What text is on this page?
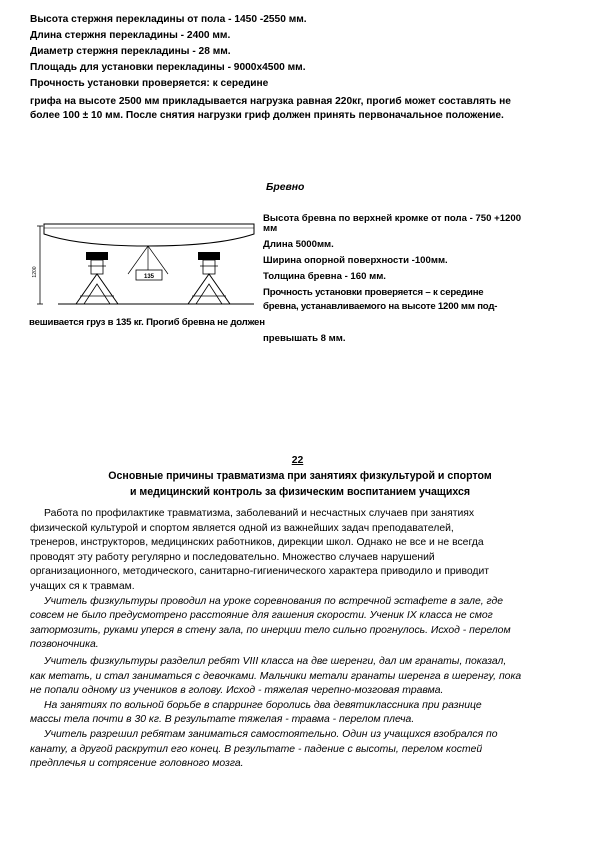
Высота стержня перекладины от пола - 1450 -2550 мм.
Длина стержня перекладины - 2400 мм.
Диаметр стержня перекладины - 28 мм.
Площадь для установки перекладины - 9000х4500 мм.
Прочность установки проверяется: к середине
грифа на высоте 2500 мм прикладывается нагрузка равная 220кг, прогиб может составлять не
более 100 ± 10 мм. После снятия нагрузки гриф должен принять первоначальное положение.
Бревно
1200	135
Высота бревна по верхней кромке от пола - 750 +1200
мм
Длина 5000мм.
Ширина опорной поверхности -100мм.
Толщина бревна - 160 мм.
Прочность установки проверяется – к середине
бревна, устанавливаемого на высоте 1200 мм под-
вешивается груз в 135 кг. Прогиб бревна не должен
превышать 8 мм.
22
Основные причины травматизма при занятиях физкультурой и спортом
и медицинский контроль за физическим воспитанием учащихся

Работа по профилактике травматизма, заболеваний и несчастных случаев при занятиях
физической культурой и спортом является одной из важнейших задач преподавателей,
тренеров, инструкторов, медицинских работников, дирекции школ. Однако не все и не всегда
проводят эту работу регулярно и последовательно. Множество случаев нарушений
организационного, методического, санитарно-гигиенического характера приводило и приводит
учащих ся к травмам.

Учитель физкультуры проводил на уроке соревнования по встречной эстафете в зале, где
совсем не было предусмотрено расстояние для гашения скорости. Ученик IX класса не смог
затормозить, руками уперся в стену зала, по инерции тело сильно прогнулось. Исход - перелом
позвоночника.

Учитель физкультуры разделил ребят VIII класса на две шеренги, дал им гранаты, показал,
как метать, и стал заниматься с девочками. Мальчики метали гранаты шеренга в шеренгу, пока
не попали одному из учеников в голову. Исход - тяжелая черепно-мозговая травма.

На занятиях по вольной борьбе в спарринге боролись два девятиклассника при разнице
массы тела почти в 30 кг. В результате тяжелая - травма - перелом плеча.

Учитель разрешил ребятам заниматься самостоятельно. Один из учащихся взобрался по
канату, а другой раскрутил его конец. В результате - падение с высоты, перелом костей
предплечья и сотрясение головного мозга.
